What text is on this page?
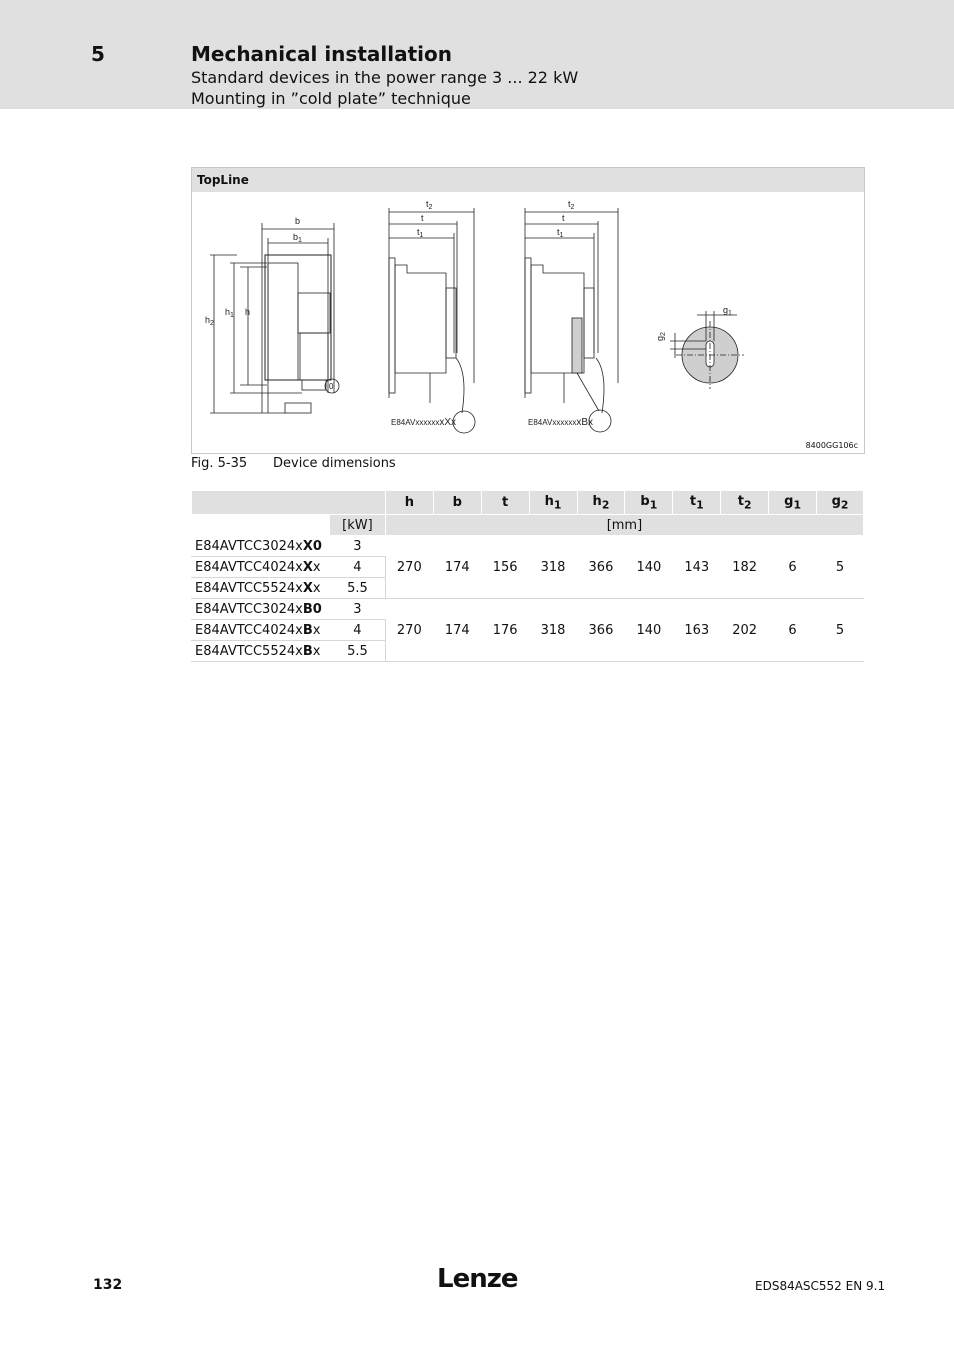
5	Mechanical installation
Standard devices in the power range 3 ... 22 kW
Mounting in ”cold plate” technique
TopLine
b
$b_1$
h
$h_1$
$h_2$
0
$t_2$
t
$t_1$
E84AVxxxxxxxXx
$t_2$
t
$t_1$
E84AVxxxxxxxBx
$g_1$
$g_2$
8400GG106c
Fig. 5-35 Device dimensions
		h	b	t	$h_1$	$h_2$	$b_1$	$t_1$	$t_2$	$g_1$	$g_2$
	[kW]	[mm]									
E84AVTCC3024xX0	3	270	174	156	318	366	140	143	182	6	5
E84AVTCC4024xXx	4										
E84AVTCC5524xXx	5.5										
E84AVTCC3024xB0	3	270	174	176	318	366	140	163	202	6	5
E84AVTCC4024xBx	4										
E84AVTCC5524xBx	5.5										
132	Lenze	EDS84ASC552 EN 9.1
